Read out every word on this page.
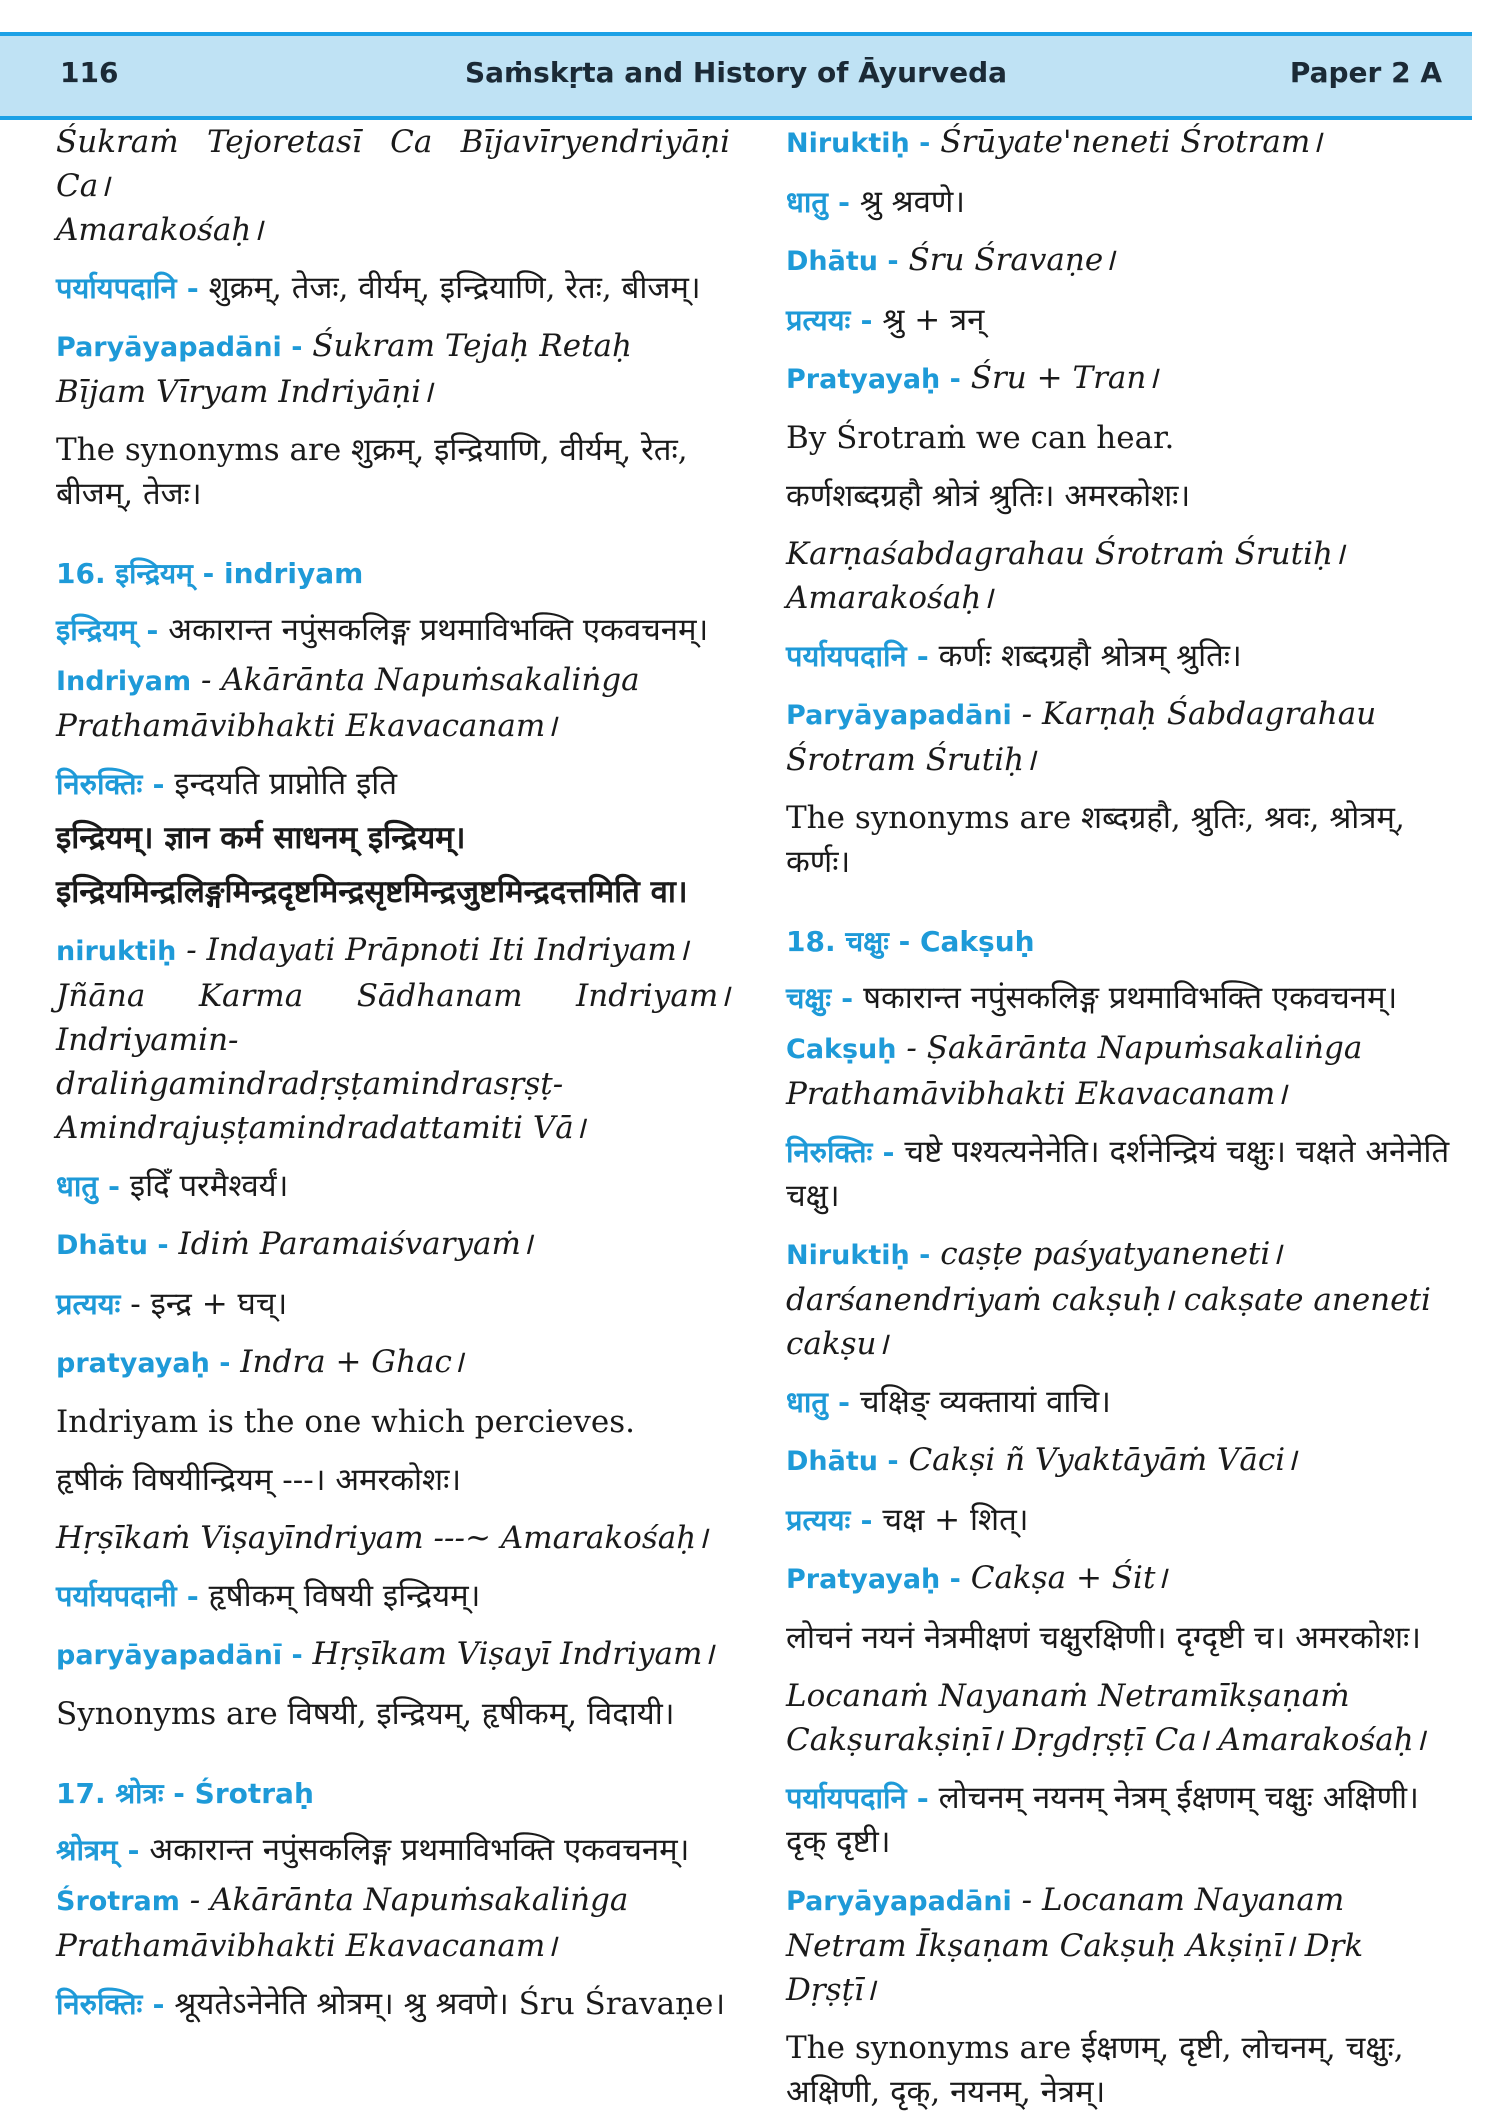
116	Saṁskṛta and History of Āyurveda	Paper 2 A

Śukraṁ Tejoretasī Ca Bījavīryendriyāṇi Ca।

Amarakośaḥ।

पर्यायपदानि - शुक्रम्, तेजः, वीर्यम्, इन्द्रियाणि, रेतः, बीजम्।

Paryāyapadāni - Śukram Tejaḥ Retaḥ Bījam Vīryam Indriyāṇi।

The synonyms are शुक्रम्, इन्द्रियाणि, वीर्यम्, रेतः, बीजम्, तेजः।

16. इन्द्रियम् - indriyam

इन्द्रियम् - अकारान्त नपुंसकलिङ्ग प्रथमाविभक्ति एकवचनम्।

Indriyam - Akārānta Napuṁsakaliṅga

Prathamāvibhakti Ekavacanam।

निरुक्तिः - इन्दयति प्राप्नोति इति

इन्द्रियम्। ज्ञान कर्म साधनम् इन्द्रियम्।

इन्द्रियमिन्द्रलिङ्गमिन्द्रदृष्टमिन्द्रसृष्टमिन्द्रजुष्टमिन्द्रदत्तमिति वा।

niruktiḥ - Indayati Prāpnoti Iti Indriyam।

Jñāna Karma Sādhanam Indriyam।

Indriyamin- draliṅgamindradṛṣṭamindrasṛṣṭ-

Amindrajuṣṭamindradattamiti Vā।

धातु - इदिँ परमैश्वर्यं।

Dhātu - Idiṁ Paramaiśvaryaṁ।

प्रत्ययः - इन्द्र + घच्।

pratyayaḥ - Indra + Ghac।

Indriyam is the one which percieves.

हृषीकं विषयीन्द्रियम् ---। अमरकोशः।

Hṛṣīkaṁ Viṣayīndriyam ---~ Amarakośaḥ।

पर्यायपदानी - हृषीकम् विषयी इन्द्रियम्।

paryāyapadānī - Hṛṣīkam Viṣayī Indriyam।

Synonyms are विषयी, इन्द्रियम्, हृषीकम्, विदायी।

17. श्रोत्रः - Śrotraḥ

श्रोत्रम् - अकारान्त नपुंसकलिङ्ग प्रथमाविभक्ति एकवचनम्।

Śrotram - Akārānta Napuṁsakaliṅga

Prathamāvibhakti Ekavacanam।

निरुक्तिः - श्रूयतेऽनेनेति श्रोत्रम्। श्रु श्रवणे। Śru Śravaṇe।

Niruktiḥ - Śrūyate'neneti Śrotram।

धातु - श्रु श्रवणे।

Dhātu - Śru Śravaṇe।

प्रत्ययः - श्रु + त्रन्

Pratyayaḥ - Śru + Tran।

By Śrotraṁ we can hear.

कर्णशब्दग्रहौ श्रोत्रं श्रुतिः। अमरकोशः।

Karṇaśabdagrahau Śrotraṁ Śrutiḥ। Amarakośaḥ।

पर्यायपदानि - कर्णः शब्दग्रहौ श्रोत्रम् श्रुतिः।

Paryāyapadāni - Karṇaḥ Śabdagrahau Śrotram Śrutiḥ।

The synonyms are शब्दग्रहौ, श्रुतिः, श्रवः, श्रोत्रम्, कर्णः।

18. चक्षुः - Cakṣuḥ

चक्षुः - षकारान्त नपुंसकलिङ्ग प्रथमाविभक्ति एकवचनम्।

Cakṣuḥ - Ṣakārānta Napuṁsakaliṅga

Prathamāvibhakti Ekavacanam।

निरुक्तिः - चष्टे पश्यत्यनेनेति। दर्शनेन्द्रियं चक्षुः। चक्षते अनेनेति चक्षु।

Niruktiḥ - caṣṭe paśyatyaneneti। darśanendriyaṁ cakṣuḥ। cakṣate aneneti cakṣu।

धातु - चक्षिङ् व्यक्तायां वाचि।

Dhātu - Cakṣi ñ Vyaktāyāṁ Vāci।

प्रत्ययः - चक्ष + शित्।

Pratyayaḥ - Cakṣa + Śit।

लोचनं नयनं नेत्रमीक्षणं चक्षुरक्षिणी। दृग्दृष्टी च। अमरकोशः।

Locanaṁ Nayanaṁ Netramīkṣaṇaṁ Cakṣurakṣiṇī। Dṛgdṛṣṭī Ca। Amarakośaḥ।

पर्यायपदानि - लोचनम् नयनम् नेत्रम् ईक्षणम् चक्षुः अक्षिणी। दृक् दृष्टी।

Paryāyapadāni - Locanam Nayanam Netram Īkṣaṇam Cakṣuḥ Akṣiṇī। Dṛk Dṛṣṭī।

The synonyms are ईक्षणम्, दृष्टी, लोचनम्, चक्षुः, अक्षिणी, दृक्, नयनम्, नेत्रम्।
